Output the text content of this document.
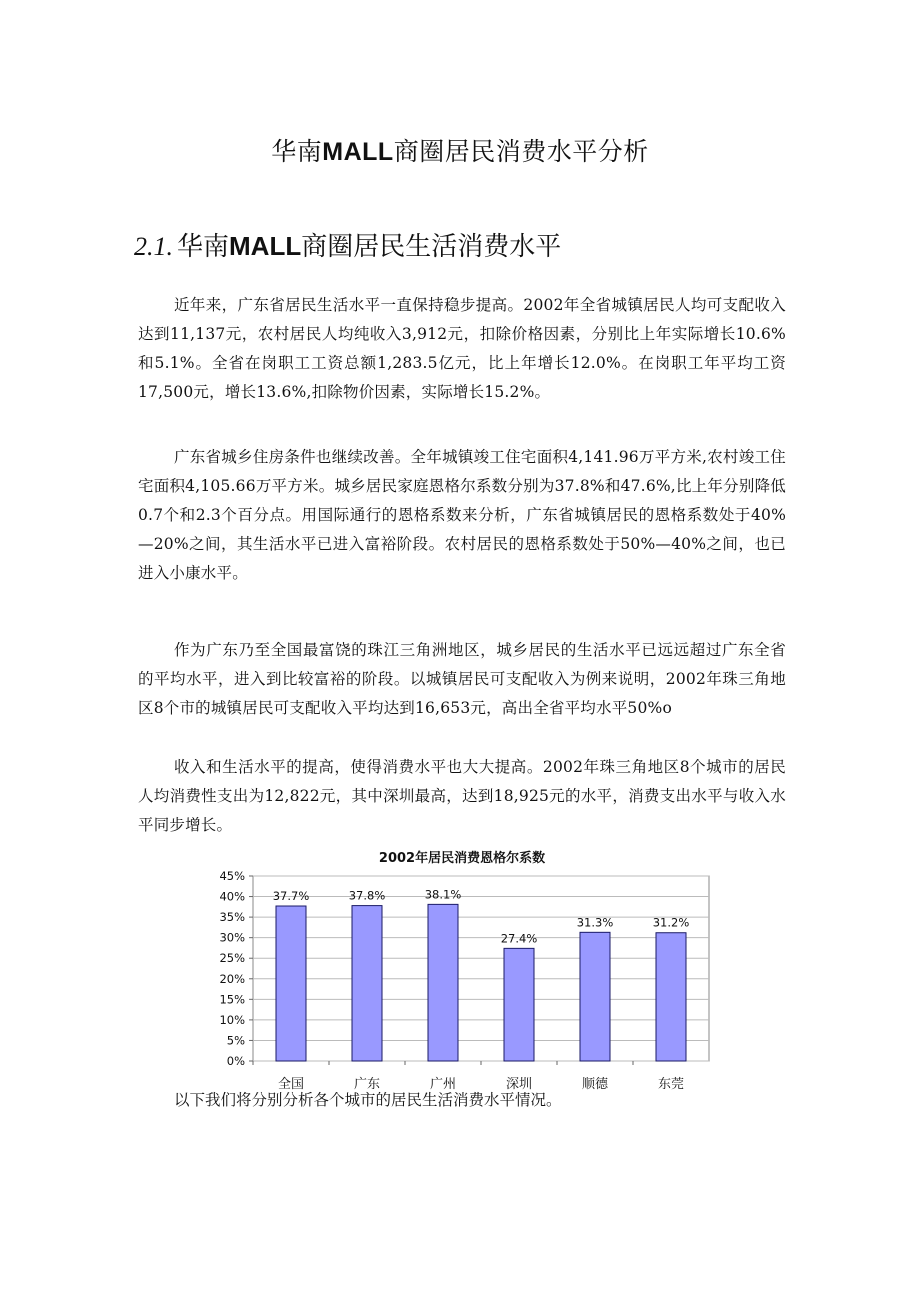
华南MALL商圈居民消费水平分析
2.1. 华南MALL商圈居民生活消费水平

近年来，广东省居民生活水平一直保持稳步提高。2002年全省城镇居民人均可支配收入达到11,137元，农村居民人均纯收入3,912元，扣除价格因素，分别比上年实际增长10.6%和5.1%。全省在岗职工工资总额1,283.5亿元，比上年增长12.0%。在岗职工年平均工资17,500元，增长13.6%,扣除物价因素，实际增长15.2%。

广东省城乡住房条件也继续改善。全年城镇竣工住宅面积4,141.96万平方米,农村竣工住宅面积4,105.66万平方米。城乡居民家庭恩格尔系数分别为37.8%和47.6%,比上年分别降低0.7个和2.3个百分点。用国际通行的恩格系数来分析，广东省城镇居民的恩格系数处于40%—20%之间，其生活水平已进入富裕阶段。农村居民的恩格系数处于50%—40%之间，也已进入小康水平。

作为广东乃至全国最富饶的珠江三角洲地区，城乡居民的生活水平已远远超过广东全省的平均水平，进入到比较富裕的阶段。以城镇居民可支配收入为例来说明，2002年珠三角地区8个市的城镇居民可支配收入平均达到16,653元，高出全省平均水平50%o

收入和生活水平的提高，使得消费水平也大大提高。2002年珠三角地区8个城市的居民人均消费性支出为12,822元，其中深圳最高，达到18,925元的水平，消费支出水平与收入水平同步增长。

2002年居民消费恩格尔系数
0%
5%
10%
15%
20%
25%
30%
35%
40%
45%
37.7%
全国
37.8%
广东
38.1%
广州
27.4%
深圳
31.3%
顺德
31.2%
东莞
以下我们将分别分析各个城市的居民生活消费水平情况。
